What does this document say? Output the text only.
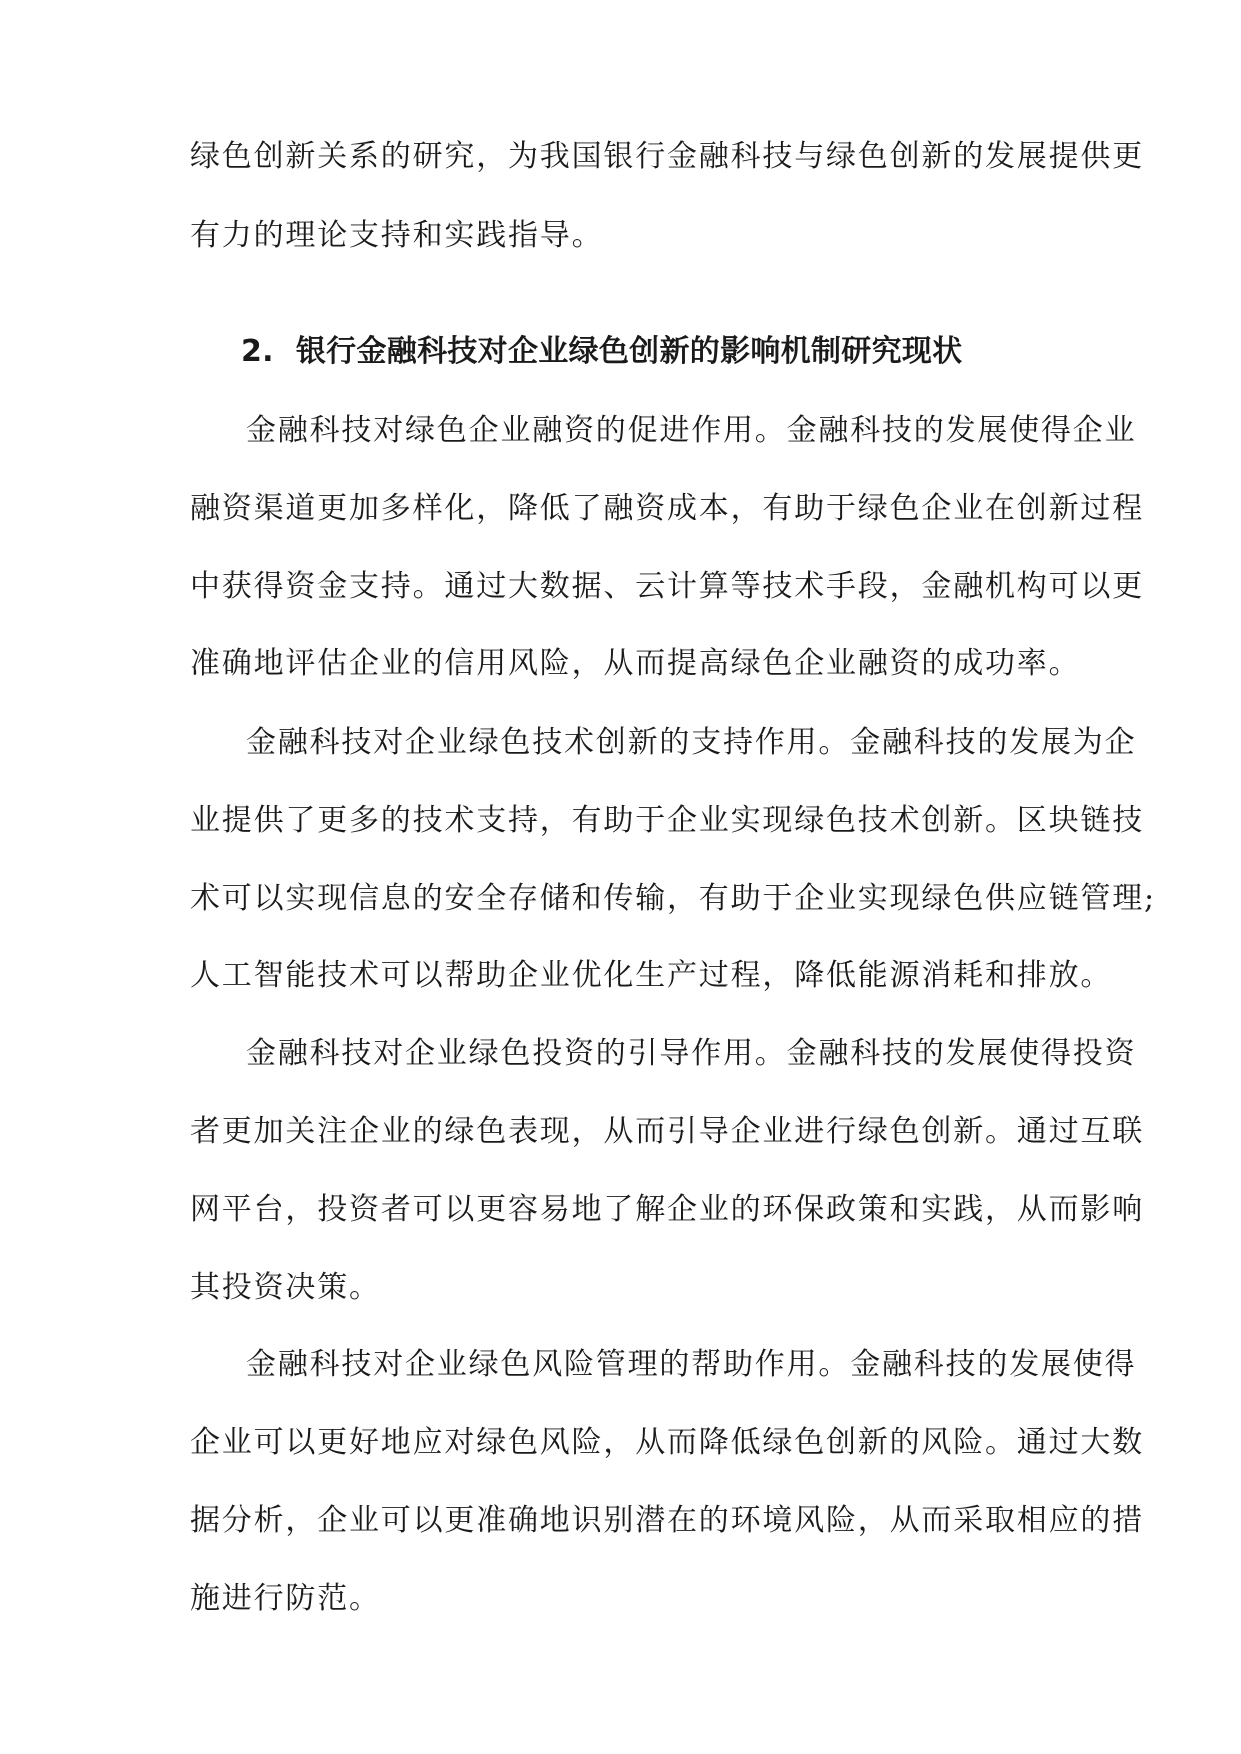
绿色创新关系的研究，为我国银行金融科技与绿色创新的发展提供更
有力的理论支持和实践指导。
2. 银行金融科技对企业绿色创新的影响机制研究现状
金融科技对绿色企业融资的促进作用。金融科技的发展使得企业
融资渠道更加多样化，降低了融资成本，有助于绿色企业在创新过程
中获得资金支持。通过大数据、云计算等技术手段，金融机构可以更
准确地评估企业的信用风险，从而提高绿色企业融资的成功率。
金融科技对企业绿色技术创新的支持作用。金融科技的发展为企
业提供了更多的技术支持，有助于企业实现绿色技术创新。区块链技
术可以实现信息的安全存储和传输，有助于企业实现绿色供应链管理;
人工智能技术可以帮助企业优化生产过程，降低能源消耗和排放。
金融科技对企业绿色投资的引导作用。金融科技的发展使得投资
者更加关注企业的绿色表现，从而引导企业进行绿色创新。通过互联
网平台，投资者可以更容易地了解企业的环保政策和实践，从而影响
其投资决策。
金融科技对企业绿色风险管理的帮助作用。金融科技的发展使得
企业可以更好地应对绿色风险，从而降低绿色创新的风险。通过大数
据分析，企业可以更准确地识别潜在的环境风险，从而采取相应的措
施进行防范。
